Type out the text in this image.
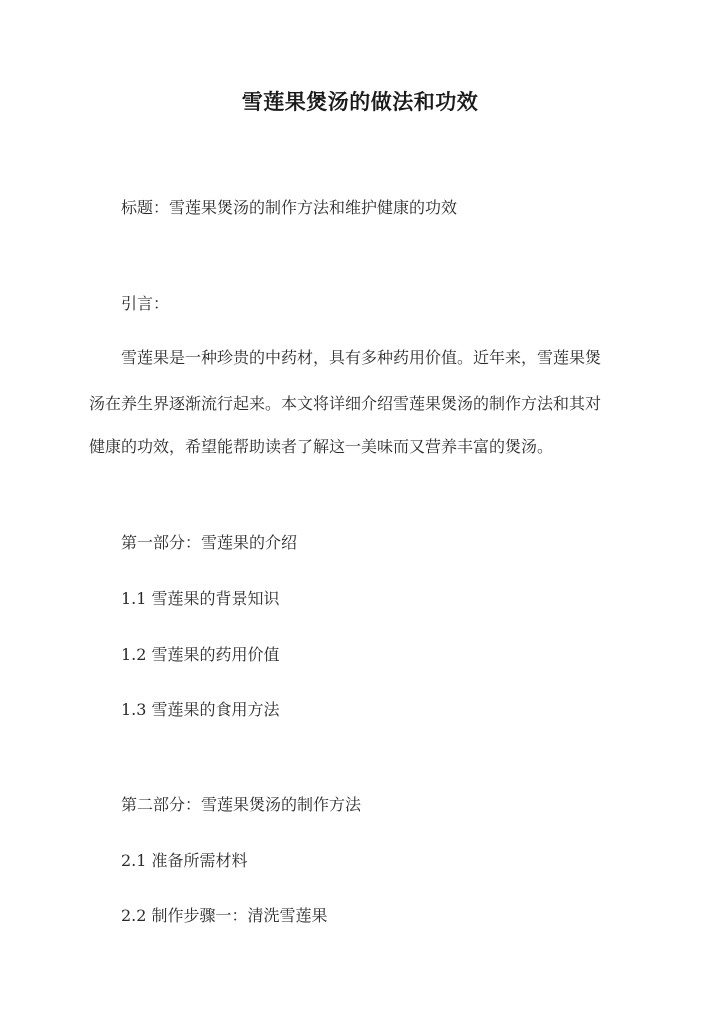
雪莲果煲汤的做法和功效
标题：雪莲果煲汤的制作方法和维护健康的功效
引言：
雪莲果是一种珍贵的中药材，具有多种药用价值。近年来，雪莲果煲
汤在养生界逐渐流行起来。本文将详细介绍雪莲果煲汤的制作方法和其对
健康的功效，希望能帮助读者了解这一美味而又营养丰富的煲汤。
第一部分：雪莲果的介绍
1.1 雪莲果的背景知识
1.2 雪莲果的药用价值
1.3 雪莲果的食用方法
第二部分：雪莲果煲汤的制作方法
2.1 准备所需材料
2.2 制作步骤一：清洗雪莲果
